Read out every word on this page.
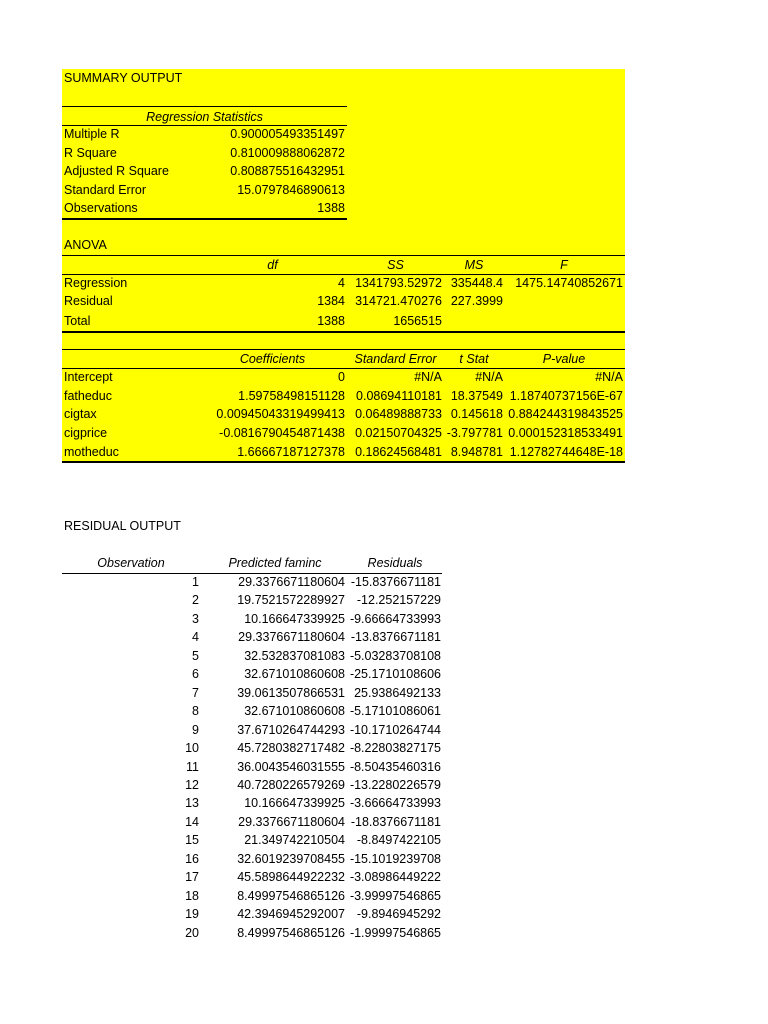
SUMMARY OUTPUT
Regression Statistics
Multiple R	0.900005493351497
R Square	0.810009888062872
Adjusted R Square	0.808875516432951
Standard Error	15.0797846890613
Observations	1388
ANOVA
df	SS	MS	F
Regression	4 1341793.52972 335448.4 1475.14740852671
Residual	1384 314721.470276 227.3999
Total	1388	1656515
Coefficients	Standard Error	t Stat	P-value
Intercept	0	#N/A	#N/A	#N/A
fatheduc	1.59758498151128 0.08694110181 18.37549 1.18740737156E-67
cigtax	0.00945043319499413 0.06489888733 0.145618 0.884244319843525
cigprice	-0.0816790454871438 0.02150704325 -3.797781 0.000152318533491
motheduc	1.66667187127378 0.18624568481 8.948781 1.12782744648E-18
RESIDUAL OUTPUT
Observation	Predicted faminc	Residuals
1	29.3376671180604 -15.8376671181
2	19.7521572289927 -12.252157229
3	10.166647339925 -9.66664733993
4	29.3376671180604 -13.8376671181
5	32.532837081083 -5.03283708108
6	32.671010860608 -25.1710108606
7	39.0613507866531 25.9386492133
8	32.671010860608 -5.17101086061
9	37.6710264744293 -10.1710264744
10	45.7280382717482 -8.22803827175
11	36.0043546031555 -8.50435460316
12	40.7280226579269 -13.2280226579
13	10.166647339925 -3.66664733993
14	29.3376671180604 -18.8376671181
15	21.349742210504 -8.8497422105
16	32.6019239708455 -15.1019239708
17	45.5898644922232 -3.08986449222
18	8.49997546865126 -3.99997546865
19	42.3946945292007 -9.8946945292
20	8.49997546865126 -1.99997546865
